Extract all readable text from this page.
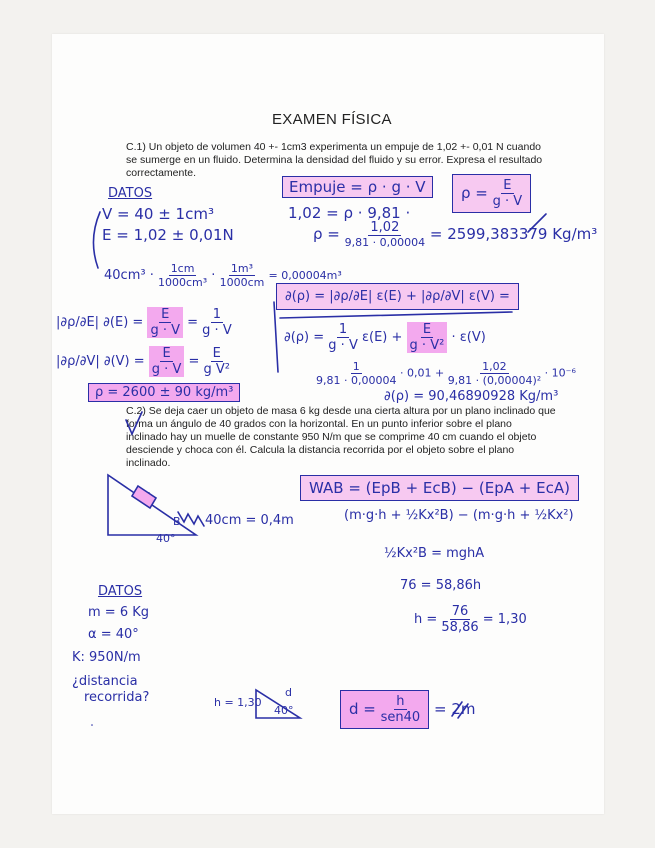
EXAMEN FÍSICA
C.1) Un objeto de volumen 40 +- 1cm3 experimenta un empuje de 1,02 +- 0,01 N cuando se sumerge en un fluido. Determina la densidad del fluido y su error. Expresa el resultado correctamente.
DATOS
V = 40 ± 1cm³
E = 1,02 ± 0,01N
$40cm^3 \cdot \frac{1cm}{\text{1000cm³}} \cdot \frac{\text{1m³}}{1000cm} = 0,00004m^3$
Empuje = ρ · g · V	$\rho = \frac{E}{g \cdot V}$
1,02 = ρ · 9,81 ·
$\rho = \frac{1,02}{9,81 \cdot 0,00004} = 2599,383379$ Kg/m³
|∂ρ/∂E| $\partial(E) = \frac{E}{g \cdot V} = \frac{1}{g \cdot V}$
|∂ρ/∂V| $\partial(V) = \frac{E}{g \cdot V} = \frac{E}{\text{g V²}}$
∂(ρ) = |∂ρ/∂E| ε(E) + |∂ρ/∂V| ε(V) =
$\partial(\rho) = \frac{1}{g \cdot V} \varepsilon(E) + \frac{E}{\text{g · V²}} \cdot \varepsilon(V)$
$\frac{1}{9,81 \cdot 0,00004} \cdot 0,01 + \frac{1,02}{\text{9,81 · (0,00004)²}} \cdot 10^{-6}$
∂(ρ) = 90,46890928 Kg/m³
ρ = 2600 ± 90 kg/m³
C.2) Se deja caer un objeto de masa 6 kg desde una cierta altura por un plano inclinado que forma un ángulo de 40 grados con la horizontal. En un punto inferior sobre el plano inclinado hay un muelle de constante 950 N/m que se comprime 40 cm cuando el objeto desciende y choca con él. Calcula la distancia recorrida por el objeto sobre el plano inclinado.
B
40°
40cm = 0,4m
WAB = (EpB + EcB) − (EpA + EcA)
(m·g·h + ½Kx²B) − (m·g·h + ½Kx²)
½Kx²B = mghA
76 = 58,86h
$h = \frac{76}{58,86} = 1,30$
DATOS
m = 6 Kg
α = 40°
K: 950N/m
¿distancia
recorrida?	h = 1,30
d
40°	$d = \frac{h}{\text{sen40}} = 2m$
